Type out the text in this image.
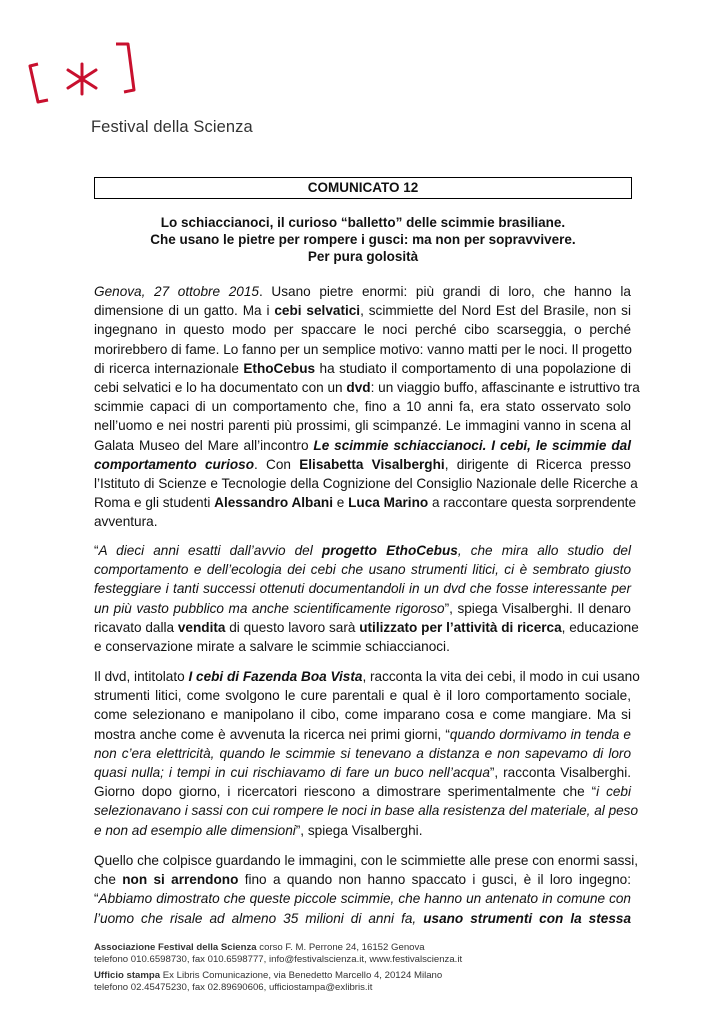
Festival della Scienza
COMUNICATO 12
Lo schiaccianoci, il curioso “balletto” delle scimmie brasiliane.
Che usano le pietre per rompere i gusci: ma non per sopravvivere.
Per pura golosità
Genova, 27 ottobre 2015. Usano pietre enormi: più grandi di loro, che hanno la
dimensione di un gatto. Ma i cebi selvatici, scimmiette del Nord Est del Brasile, non si
ingegnano in questo modo per spaccare le noci perché cibo scarseggia, o perché
morirebbero di fame. Lo fanno per un semplice motivo: vanno matti per le noci. Il progetto
di ricerca internazionale EthoCebus ha studiato il comportamento di una popolazione di
cebi selvatici e lo ha documentato con un dvd: un viaggio buffo, affascinante e istruttivo tra
scimmie capaci di un comportamento che, fino a 10 anni fa, era stato osservato solo
nell’uomo e nei nostri parenti più prossimi, gli scimpanzé. Le immagini vanno in scena al
Galata Museo del Mare all’incontro Le scimmie schiaccianoci. I cebi, le scimmie dal
comportamento curioso. Con Elisabetta Visalberghi, dirigente di Ricerca presso
l’Istituto di Scienze e Tecnologie della Cognizione del Consiglio Nazionale delle Ricerche a
Roma e gli studenti Alessandro Albani e Luca Marino a raccontare questa sorprendente
avventura.
“A dieci anni esatti dall’avvio del progetto EthoCebus, che mira allo studio del
comportamento e dell’ecologia dei cebi che usano strumenti litici, ci è sembrato giusto
festeggiare i tanti successi ottenuti documentandoli in un dvd che fosse interessante per
un più vasto pubblico ma anche scientificamente rigoroso”, spiega Visalberghi. Il denaro
ricavato dalla vendita di questo lavoro sarà utilizzato per l’attività di ricerca, educazione
e conservazione mirate a salvare le scimmie schiaccianoci.
Il dvd, intitolato I cebi di Fazenda Boa Vista, racconta la vita dei cebi, il modo in cui usano
strumenti litici, come svolgono le cure parentali e qual è il loro comportamento sociale,
come selezionano e manipolano il cibo, come imparano cosa e come mangiare. Ma si
mostra anche come è avvenuta la ricerca nei primi giorni, “quando dormivamo in tenda e
non c’era elettricità, quando le scimmie si tenevano a distanza e non sapevamo di loro
quasi nulla; i tempi in cui rischiavamo di fare un buco nell’acqua”, racconta Visalberghi.
Giorno dopo giorno, i ricercatori riescono a dimostrare sperimentalmente che “i cebi
selezionavano i sassi con cui rompere le noci in base alla resistenza del materiale, al peso
e non ad esempio alle dimensioni”, spiega Visalberghi.
Quello che colpisce guardando le immagini, con le scimmiette alle prese con enormi sassi,
che non si arrendono fino a quando non hanno spaccato i gusci, è il loro ingegno:
“Abbiamo dimostrato che queste piccole scimmie, che hanno un antenato in comune con
l’uomo che risale ad almeno 35 milioni di anni fa, usano strumenti con la stessa
Associazione Festival della Scienza corso F. M. Perrone 24, 16152 Genova
telefono 010.6598730, fax 010.6598777, info@festivalscienza.it, www.festivalscienza.it
Ufficio stampa Ex Libris Comunicazione, via Benedetto Marcello 4, 20124 Milano
telefono 02.45475230, fax 02.89690606, ufficiostampa@exlibris.it
